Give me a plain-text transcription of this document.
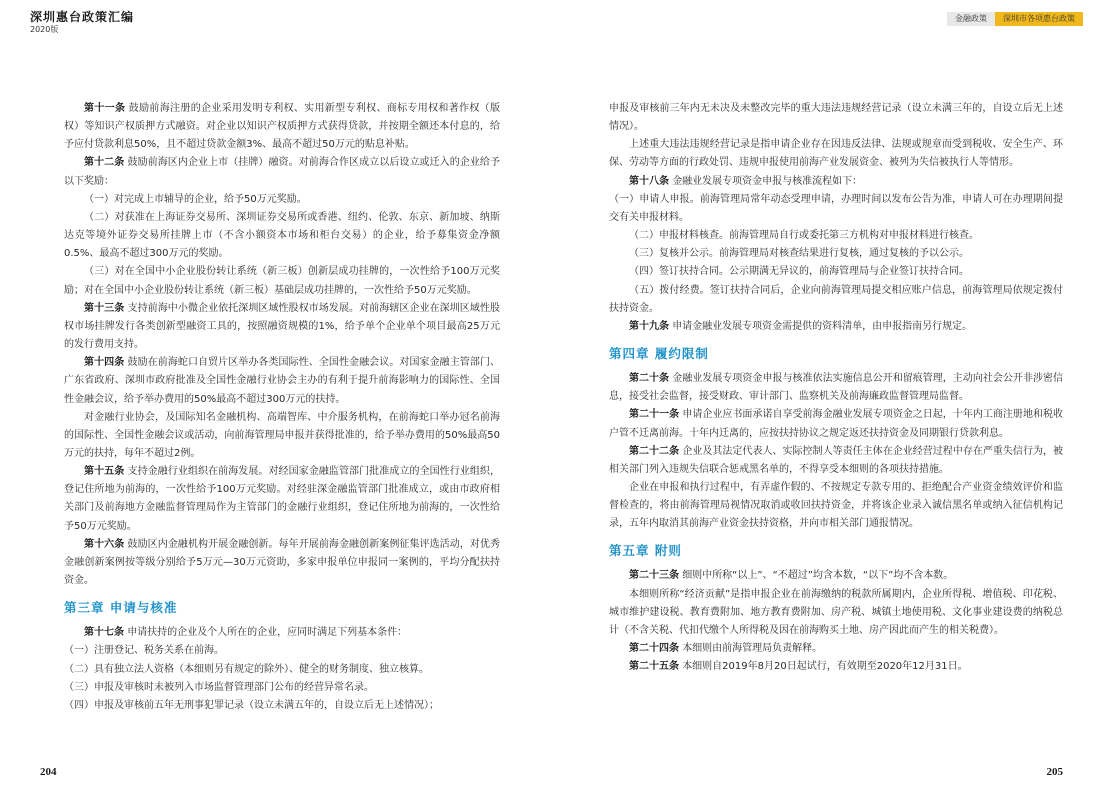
深圳惠台政策汇编
2020版
金融政策	深圳市各项惠台政策

第十一条 鼓励前海注册的企业采用发明专利权、实用新型专利权、商标专用权和著作权（版权）等知识产权质押方式融资。对企业以知识产权质押方式获得贷款，并按期全额还本付息的，给予应付贷款利息50%，且不超过贷款金额3%、最高不超过50万元的贴息补贴。

第十二条 鼓励前海区内企业上市（挂牌）融资。对前海合作区成立以后设立或迁入的企业给予以下奖励：

（一）对完成上市辅导的企业，给予50万元奖励。

（二）对获准在上海证券交易所、深圳证券交易所或香港、纽约、伦敦、东京、新加坡、纳斯达克等境外证券交易所挂牌上市（不含小额资本市场和柜台交易）的企业，给予募集资金净额0.5%、最高不超过300万元的奖励。

（三）对在全国中小企业股份转让系统（新三板）创新层成功挂牌的，一次性给予100万元奖励；对在全国中小企业股份转让系统（新三板）基础层成功挂牌的，一次性给予50万元奖励。

第十三条 支持前海中小微企业依托深圳区域性股权市场发展。对前海辖区企业在深圳区域性股权市场挂牌发行各类创新型融资工具的，按照融资规模的1%，给予单个企业单个项目最高25万元的发行费用支持。

第十四条 鼓励在前海蛇口自贸片区举办各类国际性、全国性金融会议。对国家金融主管部门、广东省政府、深圳市政府批准及全国性金融行业协会主办的有利于提升前海影响力的国际性、全国性金融会议，给予举办费用的50%最高不超过300万元的扶持。

对金融行业协会，及国际知名金融机构、高端智库、中介服务机构，在前海蛇口举办冠名前海的国际性、全国性金融会议或活动，向前海管理局申报并获得批准的，给予举办费用的50%最高50万元的扶持，每年不超过2例。

第十五条 支持金融行业组织在前海发展。对经国家金融监管部门批准成立的全国性行业组织，登记住所地为前海的，一次性给予100万元奖励。对经驻深金融监管部门批准成立，或由市政府相关部门及前海地方金融监督管理局作为主管部门的金融行业组织，登记住所地为前海的，一次性给予50万元奖励。

第十六条 鼓励区内金融机构开展金融创新。每年开展前海金融创新案例征集评选活动，对优秀金融创新案例按等级分别给予5万元—30万元资助，多家申报单位申报同一案例的，平均分配扶持资金。

第三章 申请与核准

第十七条 申请扶持的企业及个人所在的企业，应同时满足下列基本条件：

（一）注册登记、税务关系在前海。

（二）具有独立法人资格（本细则另有规定的除外）、健全的财务制度、独立核算。

（三）申报及审核时未被列入市场监督管理部门公布的经营异常名录。

（四）申报及审核前五年无刑事犯罪记录（设立未满五年的，自设立后无上述情况）；

申报及审核前三年内无未决及未整改完毕的重大违法违规经营记录（设立未满三年的，自设立后无上述情况）。

上述重大违法违规经营记录是指申请企业存在因违反法律、法规或规章而受到税收、安全生产、环保、劳动等方面的行政处罚、违规申报使用前海产业发展资金、被列为失信被执行人等情形。

第十八条 金融业发展专项资金申报与核准流程如下：

（一）申请人申报。前海管理局常年动态受理申请，办理时间以发布公告为准，申请人可在办理期间提交有关申报材料。

（二）申报材料核查。前海管理局自行或委托第三方机构对申报材料进行核查。

（三）复核并公示。前海管理局对核查结果进行复核，通过复核的予以公示。

（四）签订扶持合同。公示期满无异议的，前海管理局与企业签订扶持合同。

（五）拨付经费。签订扶持合同后，企业向前海管理局提交相应账户信息，前海管理局依规定拨付扶持资金。

第十九条 申请金融业发展专项资金需提供的资料清单，由申报指南另行规定。

第四章 履约限制

第二十条 金融业发展专项资金申报与核准依法实施信息公开和留痕管理，主动向社会公开非涉密信息，接受社会监督，接受财政、审计部门、监察机关及前海廉政监督管理局监督。

第二十一条 申请企业应书面承诺自享受前海金融业发展专项资金之日起，十年内工商注册地和税收户管不迁离前海。十年内迁离的，应按扶持协议之规定返还扶持资金及同期银行贷款利息。

第二十二条 企业及其法定代表人、实际控制人等责任主体在企业经营过程中存在严重失信行为，被相关部门列入违规失信联合惩戒黑名单的，不得享受本细则的各项扶持措施。

企业在申报和执行过程中，有弄虚作假的、不按规定专款专用的、拒绝配合产业资金绩效评价和监督检查的，将由前海管理局视情况取消或收回扶持资金，并将该企业录入诚信黑名单或纳入征信机构记录，五年内取消其前海产业资金扶持资格，并向市相关部门通报情况。

第五章 附则

第二十三条 细则中所称“以上”、“不超过”均含本数，“以下”均不含本数。

本细则所称“经济贡献”是指申报企业在前海缴纳的税款所属期内，企业所得税、增值税、印花税、城市维护建设税、教育费附加、地方教育费附加、房产税、城镇土地使用税、文化事业建设费的纳税总计（不含关税、代扣代缴个人所得税及因在前海购买土地、房产因此而产生的相关税费）。

第二十四条 本细则由前海管理局负责解释。

第二十五条 本细则自2019年8月20日起试行，有效期至2020年12月31日。

204	205
